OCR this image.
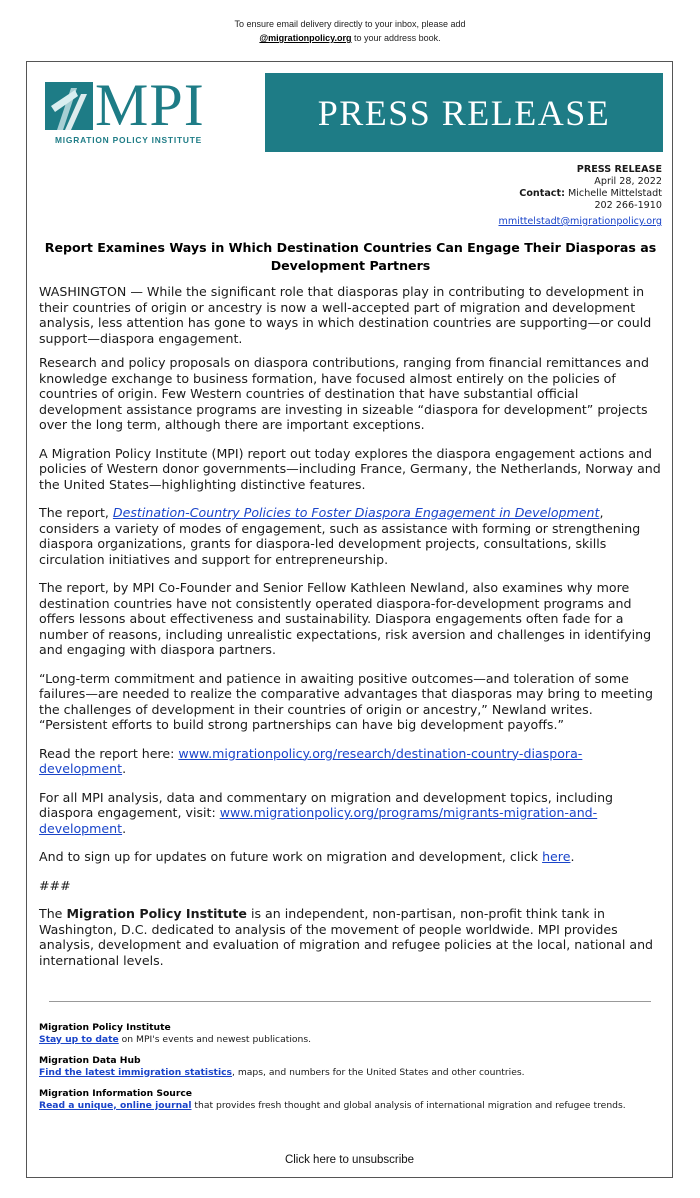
To ensure email delivery directly to your inbox, please add
@migrationpolicy.org to your address book.
MPI
MIGRATION POLICY INSTITUTE
PRESS RELEASE
PRESS RELEASE
April 28, 2022
Contact: Michelle Mittelstadt
202 266-1910
mmittelstadt@migrationpolicy.org
Report Examines Ways in Which Destination Countries Can Engage Their Diasporas as Development Partners

WASHINGTON — While the significant role that diasporas play in contributing to development in their countries of origin or ancestry is now a well-accepted part of migration and development analysis, less attention has gone to ways in which destination countries are supporting—or could support—diaspora engagement.

Research and policy proposals on diaspora contributions, ranging from financial remittances and knowledge exchange to business formation, have focused almost entirely on the policies of countries of origin. Few Western countries of destination that have substantial official development assistance programs are investing in sizeable “diaspora for development” projects over the long term, although there are important exceptions.

A Migration Policy Institute (MPI) report out today explores the diaspora engagement actions and policies of Western donor governments—including France, Germany, the Netherlands, Norway and the United States—highlighting distinctive features.

The report, Destination-Country Policies to Foster Diaspora Engagement in Development, considers a variety of modes of engagement, such as assistance with forming or strengthening diaspora organizations, grants for diaspora-led development projects, consultations, skills circulation initiatives and support for entrepreneurship.

The report, by MPI Co-Founder and Senior Fellow Kathleen Newland, also examines why more destination countries have not consistently operated diaspora-for-development programs and offers lessons about effectiveness and sustainability. Diaspora engagements often fade for a number of reasons, including unrealistic expectations, risk aversion and challenges in identifying and engaging with diaspora partners.

“Long-term commitment and patience in awaiting positive outcomes—and toleration of some failures—are needed to realize the comparative advantages that diasporas may bring to meeting the challenges of development in their countries of origin or ancestry,” Newland writes. “Persistent efforts to build strong partnerships can have big development payoffs.”

Read the report here: www.migrationpolicy.org/research/destination-country-diaspora-development.

For all MPI analysis, data and commentary on migration and development topics, including diaspora engagement, visit: www.migrationpolicy.org/programs/migrants-migration-and-development.

And to sign up for updates on future work on migration and development, click here.

###

The Migration Policy Institute is an independent, non-partisan, non-profit think tank in Washington, D.C. dedicated to analysis of the movement of people worldwide. MPI provides analysis, development and evaluation of migration and refugee policies at the local, national and international levels.

Migration Policy Institute
Stay up to date on MPI's events and newest publications.
Migration Data Hub
Find the latest immigration statistics, maps, and numbers for the United States and other countries.
Migration Information Source
Read a unique, online journal that provides fresh thought and global analysis of international migration and refugee trends.
Click here to unsubscribe
